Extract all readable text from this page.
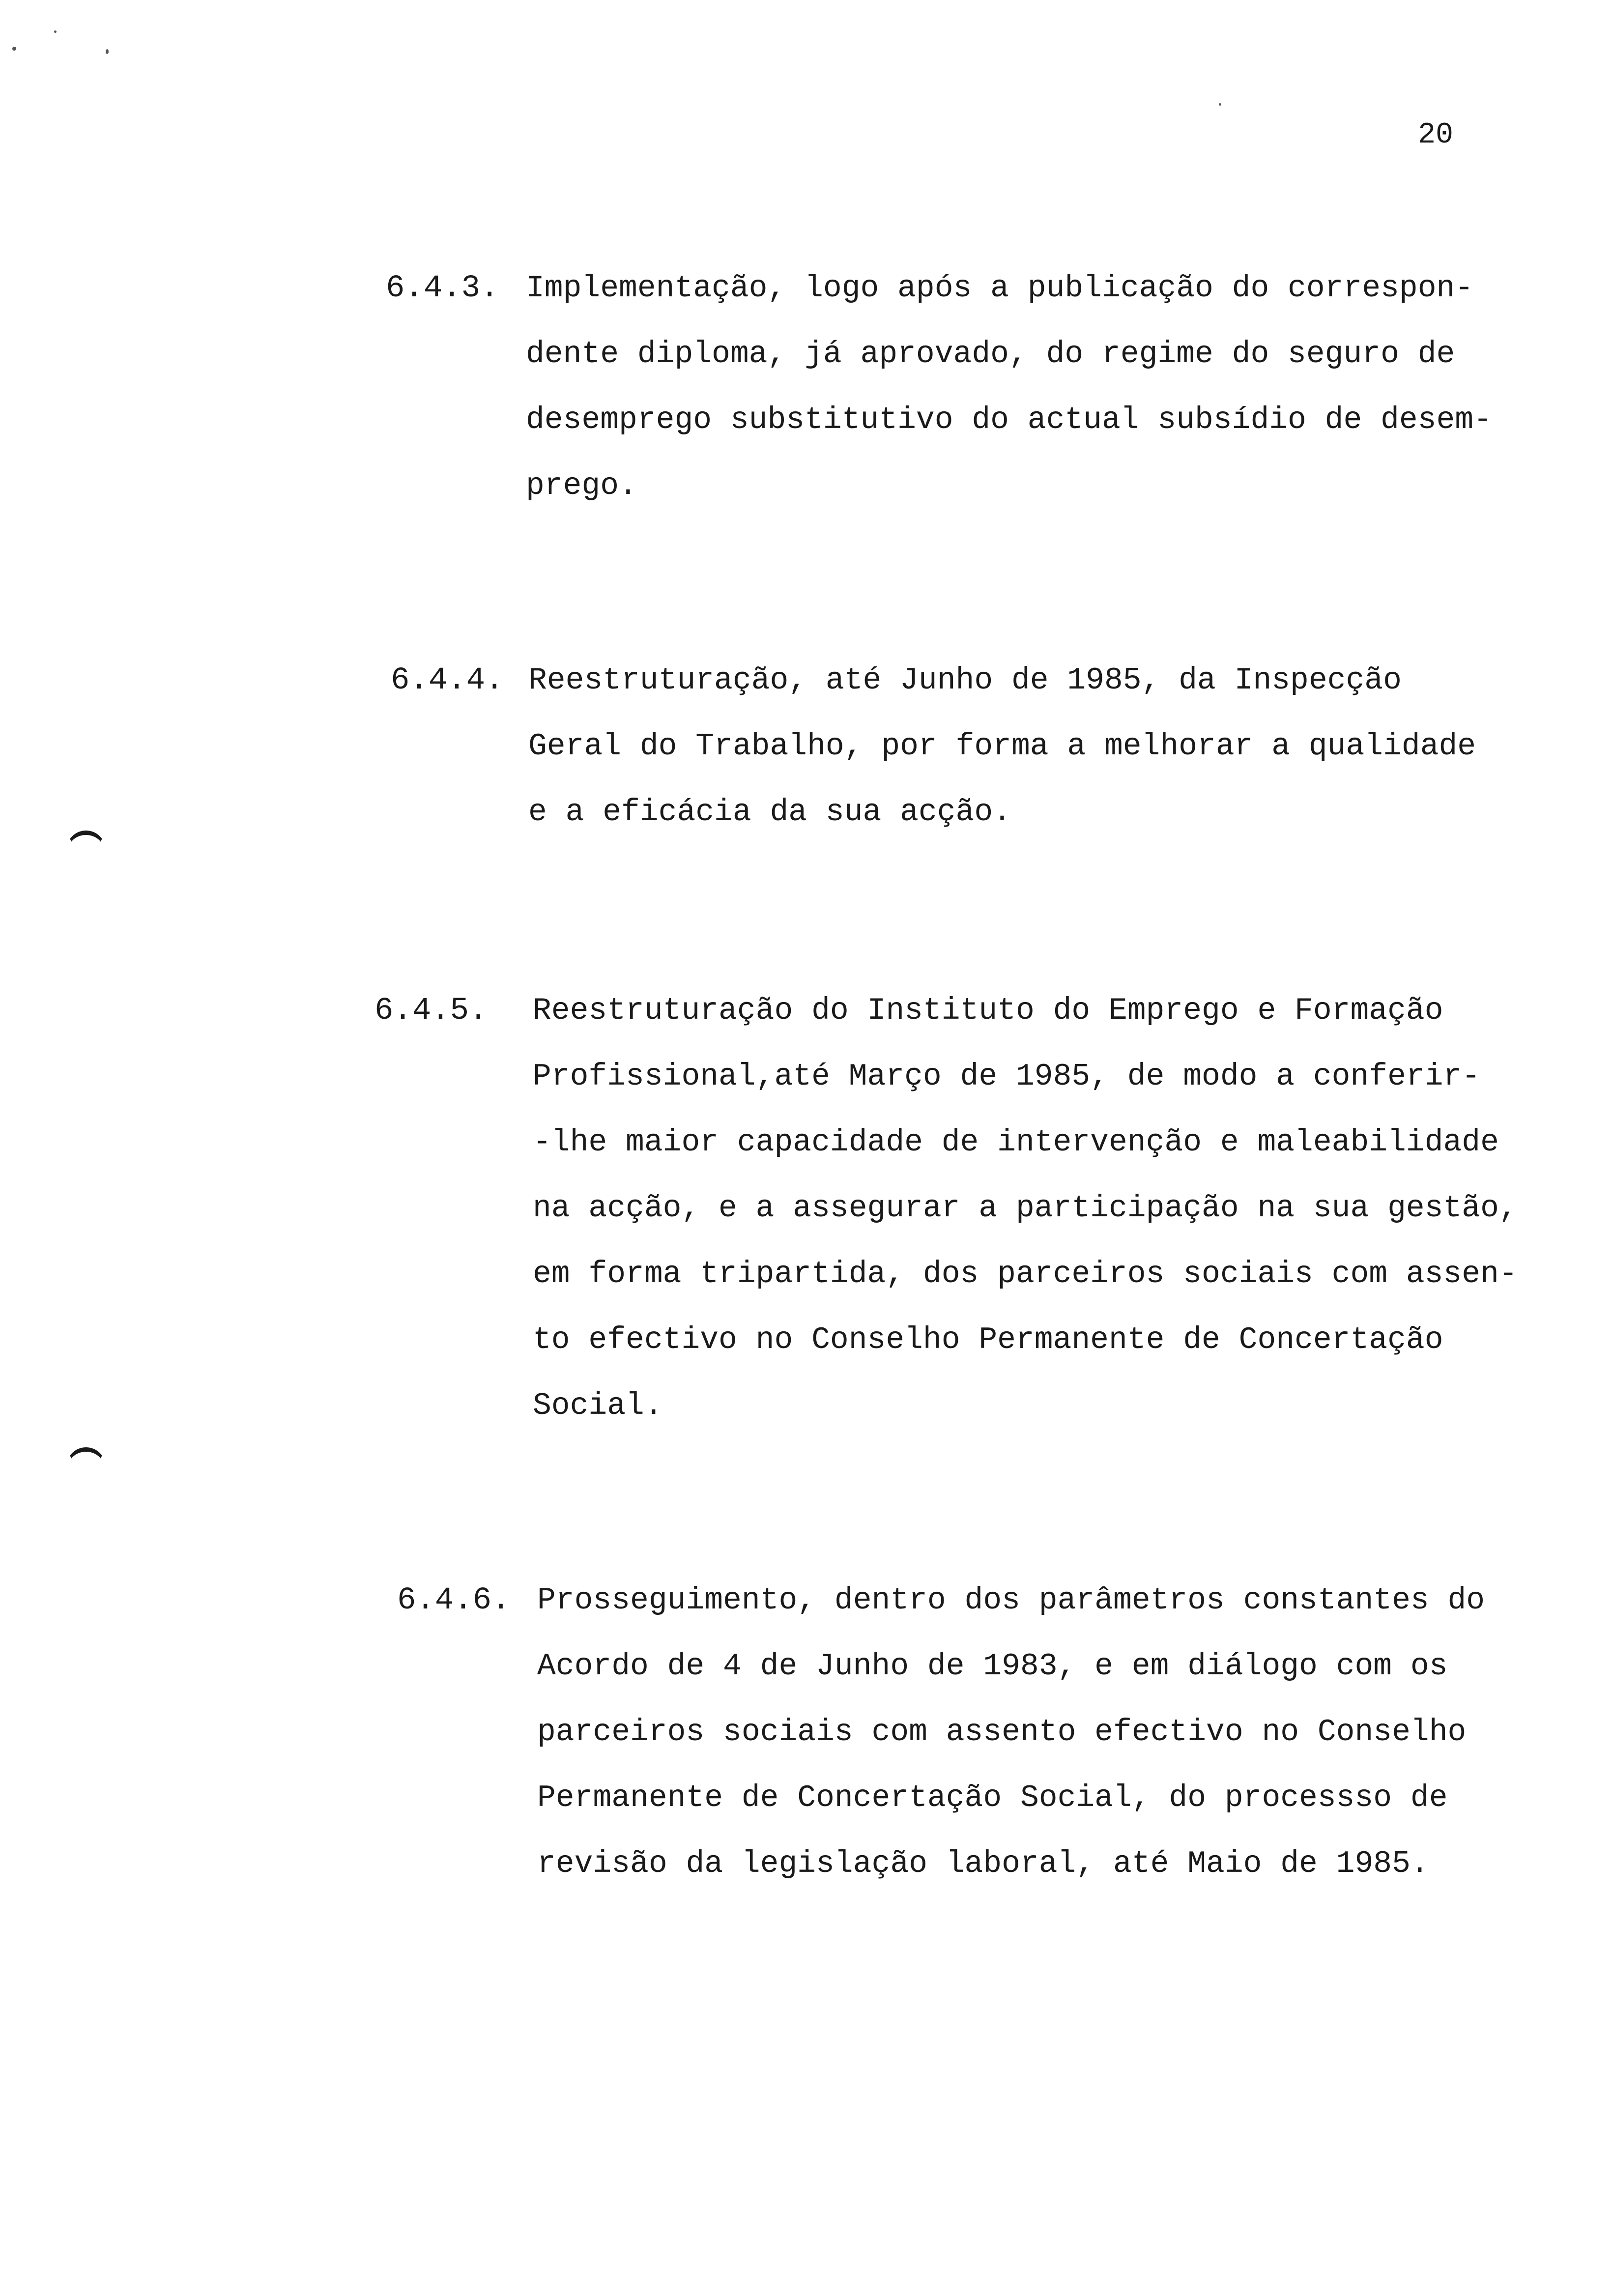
20
6.4.3. Implementação, logo após a publicação do correspon-
dente diploma, já aprovado, do regime do seguro de
desemprego substitutivo do actual subsídio de desem-
prego.
6.4.4. Reestruturação, até Junho de 1985, da Inspecção
Geral do Trabalho, por forma a melhorar a qualidade
e a eficácia da sua acção.
6.4.5. Reestruturação do Instituto do Emprego e Formação
Profissional,até Março de 1985, de modo a conferir-
-lhe maior capacidade de intervenção e maleabilidade
na acção, e a assegurar a participação na sua gestão,
em forma tripartida, dos parceiros sociais com assen-
to efectivo no Conselho Permanente de Concertação
Social.
6.4.6. Prosseguimento, dentro dos parâmetros constantes do
Acordo de 4 de Junho de 1983, e em diálogo com os
parceiros sociais com assento efectivo no Conselho
Permanente de Concertação Social, do processso de
revisão da legislação laboral, até Maio de 1985.
